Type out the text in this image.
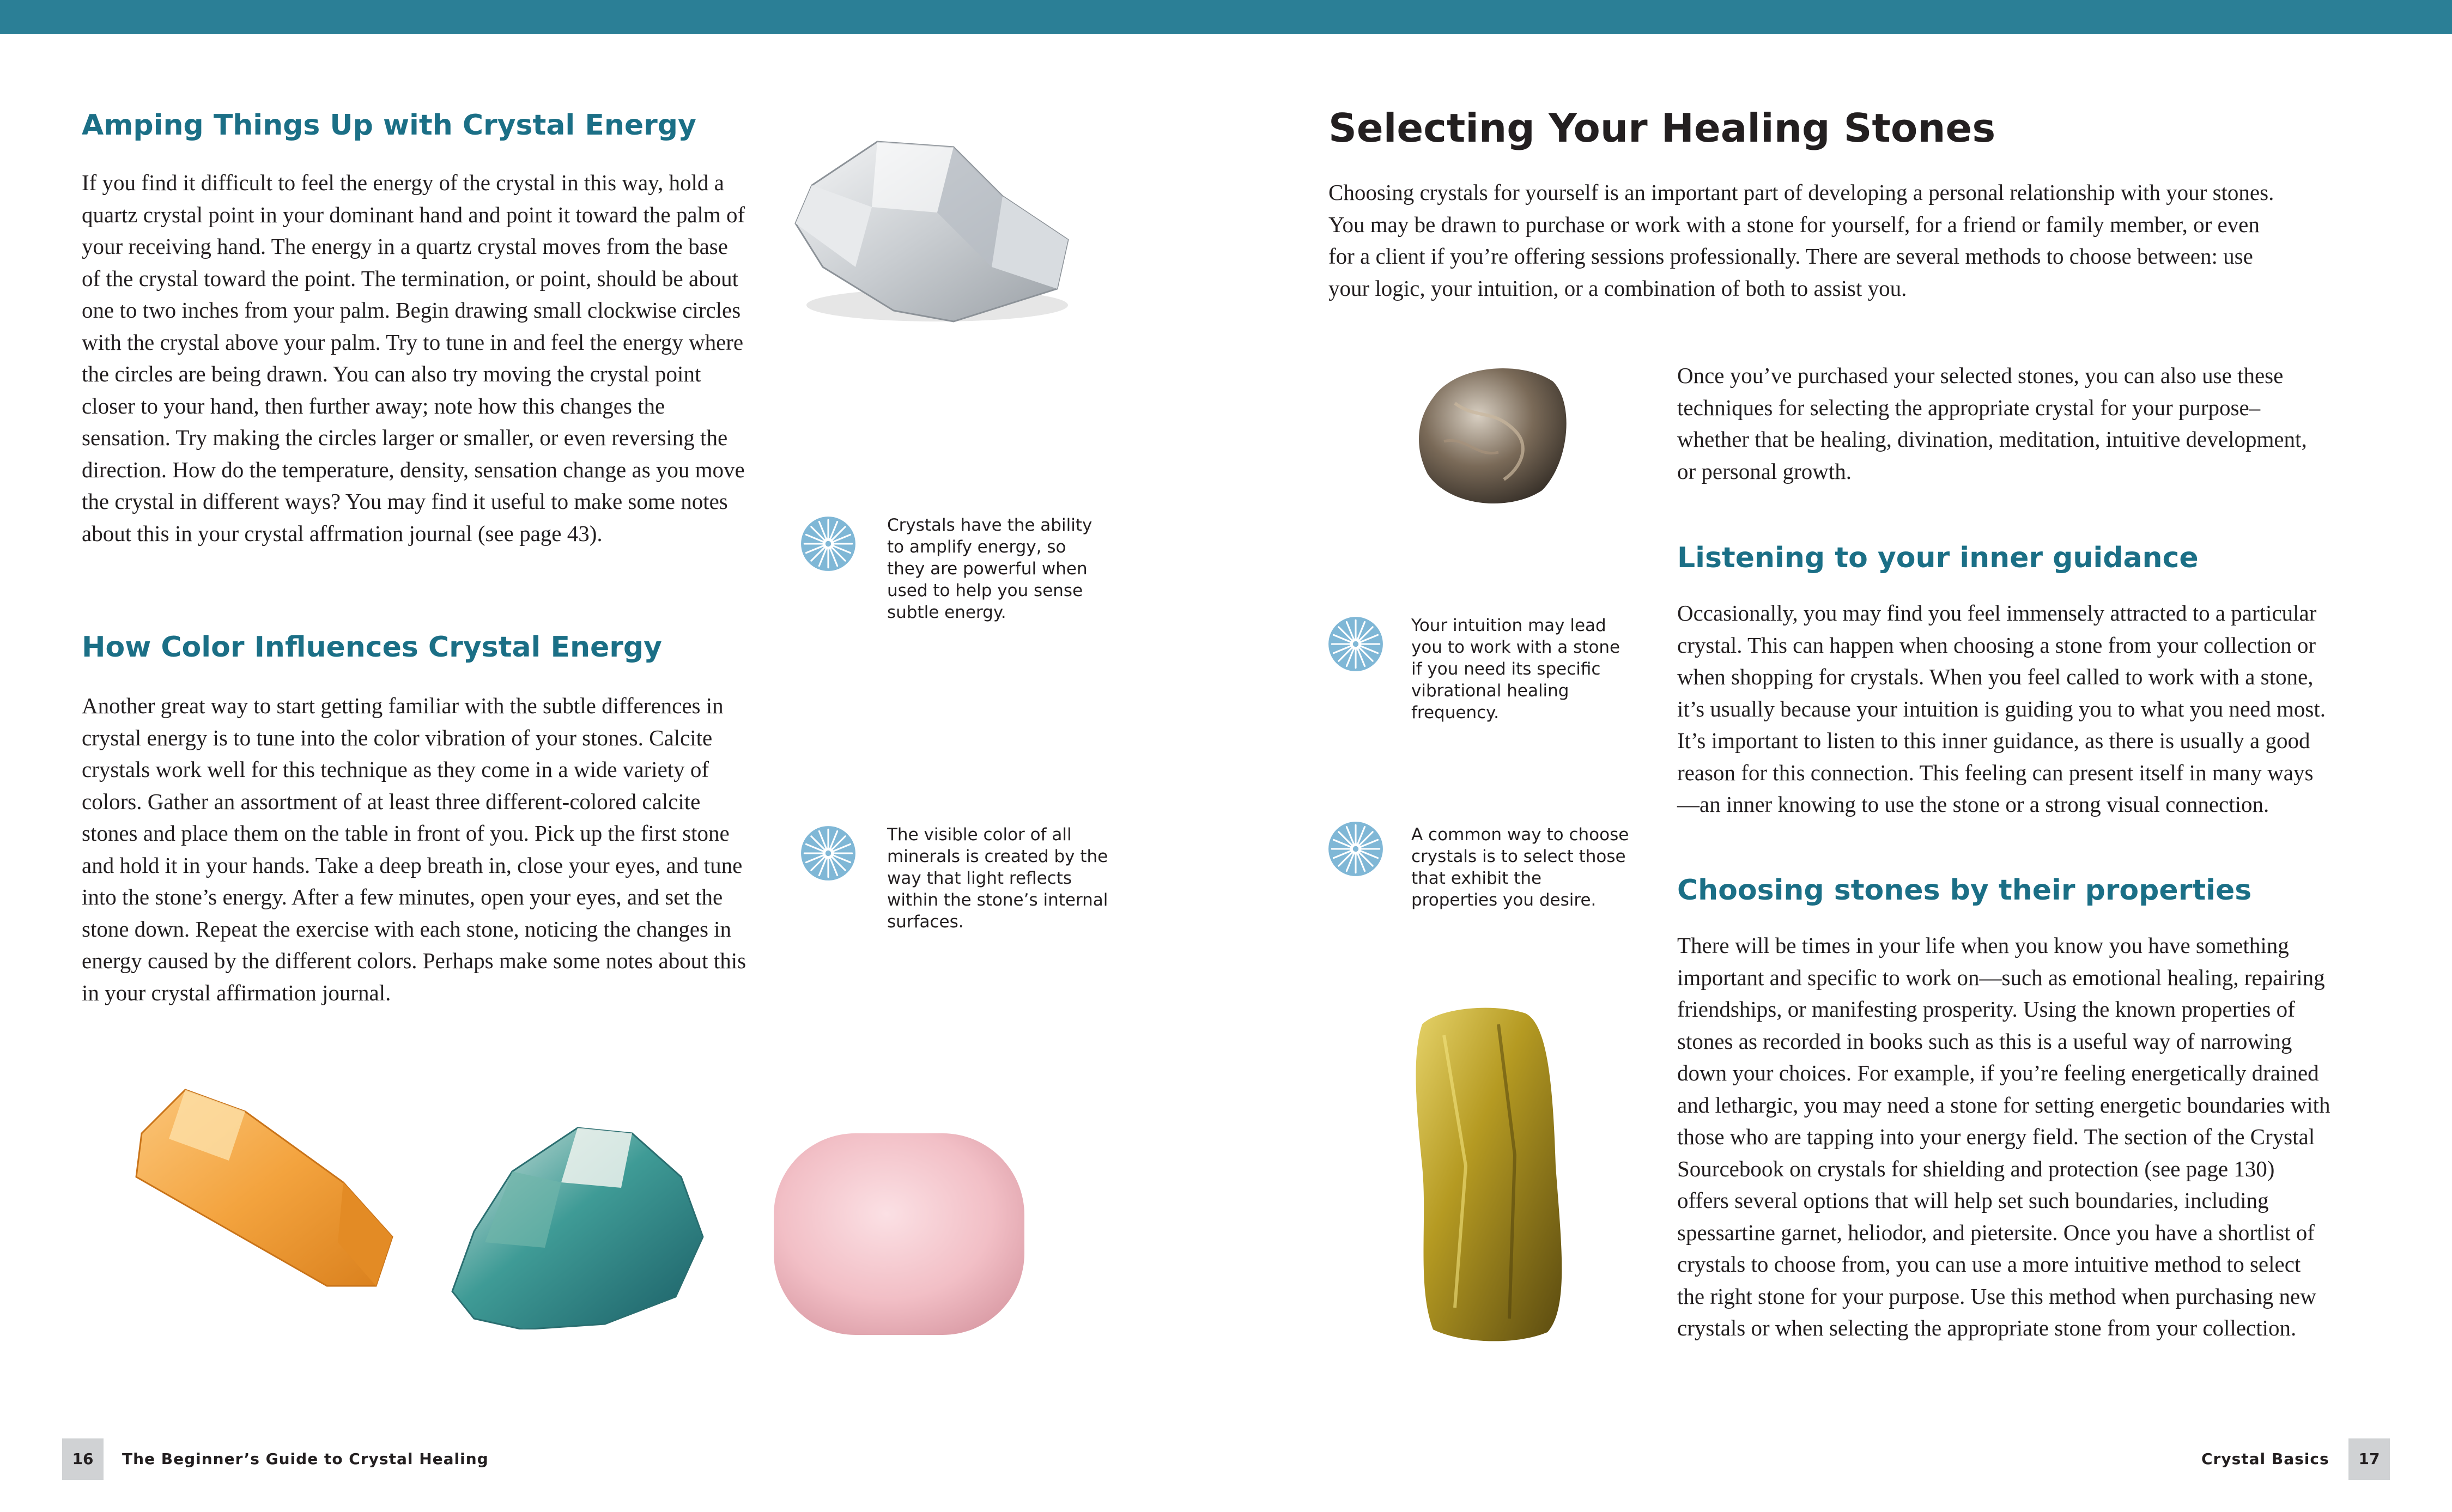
Amping Things Up with Crystal Energy

If you find it difficult to feel the energy of the crystal in this way, hold a quartz crystal point in your dominant hand and point it toward the palm of your receiving hand. The energy in a quartz crystal moves from the base of the crystal toward the point. The termination, or point, should be about one to two inches from your palm. Begin drawing small clockwise circles with the crystal above your palm. Try to tune in and feel the energy where the circles are being drawn. You can also try moving the crystal point closer to your hand, then further away; note how this changes the sensation. Try making the circles larger or smaller, or even reversing the direction. How do the temperature, density, sensation change as you move the crystal in different ways? You may find it useful to make some notes about this in your crystal affrmation journal (see page 43).

How Color Influences Crystal Energy

Another great way to start getting familiar with the subtle differences in crystal energy is to tune into the color vibration of your stones. Calcite crystals work well for this technique as they come in a wide variety of colors. Gather an assortment of at least three different-colored calcite stones and place them on the table in front of you. Pick up the first stone and hold it in your hands. Take a deep breath in, close your eyes, and tune into the stone’s energy. After a few minutes, open your eyes, and set the stone down. Repeat the exercise with each stone, noticing the changes in energy caused by the different colors. Perhaps make some notes about this in your crystal affirmation journal.

Crystals have the ability to amplify energy, so they are powerful when used to help you sense subtle energy.

The visible color of all minerals is created by the way that light reflects within the stone’s internal surfaces.

Selecting Your Healing Stones

Choosing crystals for yourself is an important part of developing a personal relationship with your stones. You may be drawn to purchase or work with a stone for yourself, for a friend or family member, or even for a client if you’re offering sessions professionally. There are several methods to choose between: use your logic, your intuition, or a combination of both to assist you.

Once you’ve purchased your selected stones, you can also use these techniques for selecting the appropriate crystal for your purpose– whether that be healing, divination, meditation, intuitive development, or personal growth.

Listening to your inner guidance

Occasionally, you may find you feel immensely attracted to a particular crystal. This can happen when choosing a stone from your collection or when shopping for crystals. When you feel called to work with a stone, it’s usually because your intuition is guiding you to what you need most. It’s important to listen to this inner guidance, as there is usually a good reason for this connection. This feeling can present itself in many ways—an inner knowing to use the stone or a strong visual connection.

Choosing stones by their properties

There will be times in your life when you know you have something important and specific to work on—such as emotional healing, repairing friendships, or manifesting prosperity. Using the known properties of stones as recorded in books such as this is a useful way of narrowing down your choices. For example, if you’re feeling energetically drained and lethargic, you may need a stone for setting energetic boundaries with those who are tapping into your energy field. The section of the Crystal Sourcebook on crystals for shielding and protection (see page 130) offers several options that will help set such boundaries, including spessartine garnet, heliodor, and pietersite. Once you have a shortlist of crystals to choose from, you can use a more intuitive method to select the right stone for your purpose. Use this method when purchasing new crystals or when selecting the appropriate stone from your collection.

Your intuition may lead you to work with a stone if you need its specific vibrational healing frequency.

A common way to choose crystals is to select those that exhibit the properties you desire.

16	The Beginner’s Guide to Crystal Healing	Crystal Basics	17
